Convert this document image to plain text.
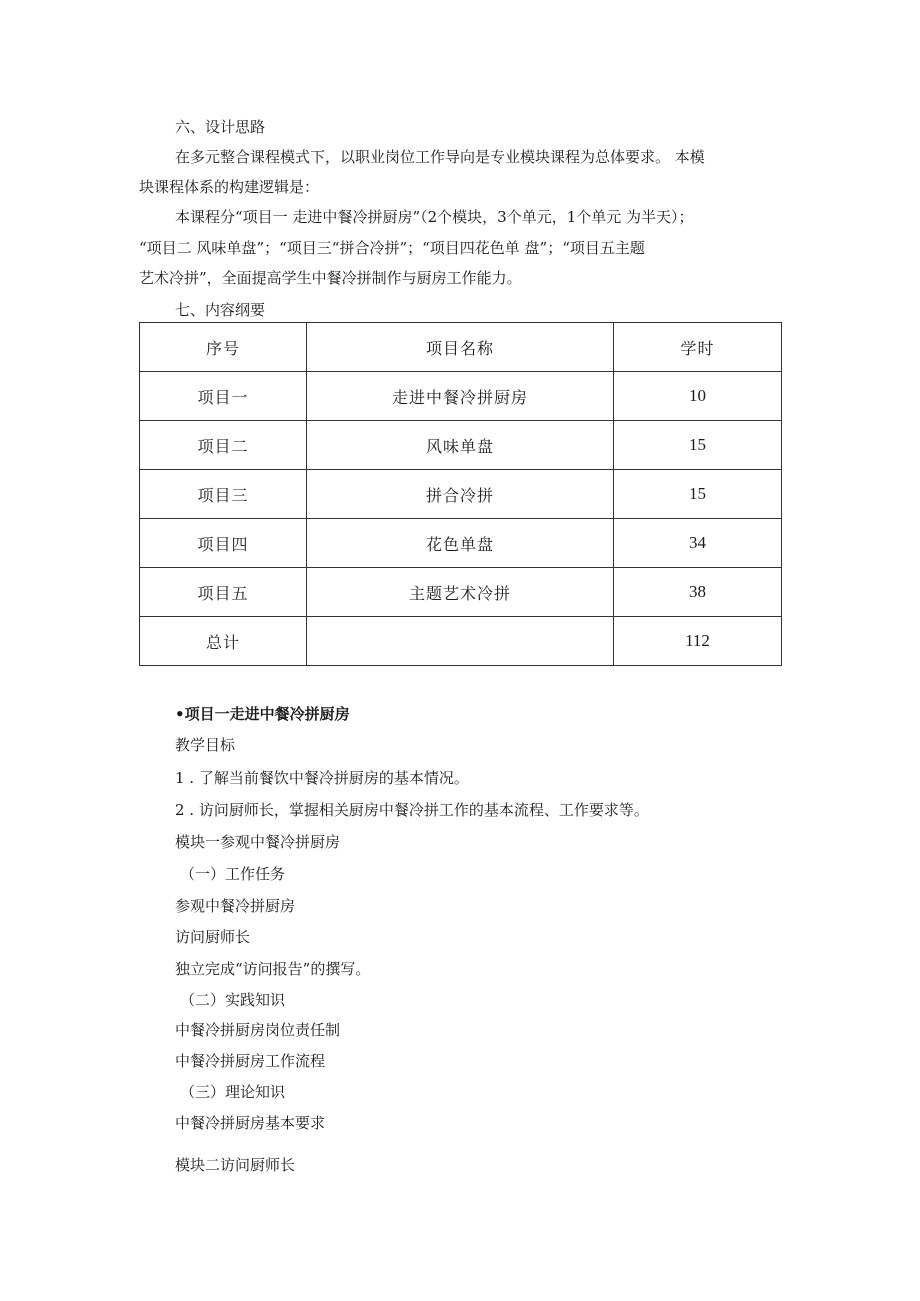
六、设计思路
在多元整合课程模式下，以职业岗位工作导向是专业模块课程为总体要求。 本模
块课程体系的构建逻辑是：
本课程分“项目一 走进中餐冷拼厨房”（2个模块，3个单元，1个单元 为半天）；
“项目二 风味单盘”；“项目三“拼合冷拼”；“项目四花色单 盘”；“项目五主题
艺术冷拼”，全面提高学生中餐冷拼制作与厨房工作能力。
七、内容纲要
序号	项目名称	学时
项目一	走进中餐冷拼厨房	10
项目二	风味单盘	15
项目三	拼合冷拼	15
项目四	花色单盘	34
项目五	主题艺术冷拼	38
总计		112
•项目一走进中餐冷拼厨房
教学目标
1 . 了解当前餐饮中餐冷拼厨房的基本情况。
2 . 访问厨师长，掌握相关厨房中餐冷拼工作的基本流程、工作要求等。
模块一参观中餐冷拼厨房
（一）工作任务
参观中餐冷拼厨房
访问厨师长
独立完成“访问报告”的撰写。
（二）实践知识
中餐冷拼厨房岗位责任制
中餐冷拼厨房工作流程
（三）理论知识
中餐冷拼厨房基本要求
模块二访问厨师长
